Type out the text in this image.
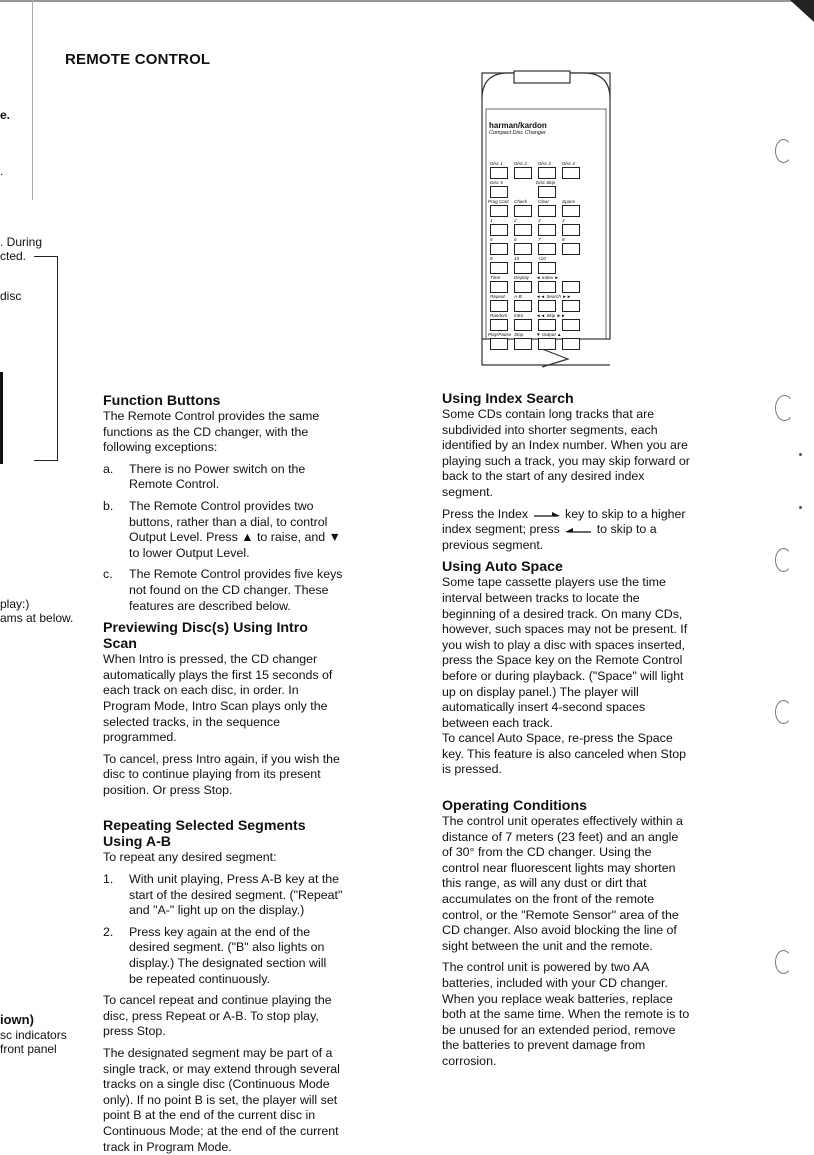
e.
.
. During
cted.
disc
play:)
ams at below.
iown)
sc indicators
front panel
REMOTE CONTROL
harman/kardon
Compact Disc Changer
Disc 1 Disc 2 Disc 3 Disc 4
Disc 5	Disc Skip
Prog Cont Check Clear	Space
1	2	3	4
5	6	7	8
9	10	+10
Time	Display ◄ Index ►
Repeat A-B	◄◄ Search ►►
Random Intro	◄◄ Skip ►►
Play/Pause Stop	▼ Output ▲
Function Buttons

The Remote Control provides the same functions as the CD changer, with the following exceptions:

a. There is no Power switch on the Remote Control.
b. The Remote Control provides two buttons, rather than a dial, to control Output Level. Press ▲ to raise, and ▼ to lower Output Level.
c. The Remote Control provides five keys not found on the CD changer. These features are described below.
Previewing Disc(s) Using Intro Scan

When Intro is pressed, the CD changer automatically plays the first 15 seconds of each track on each disc, in order. In Program Mode, Intro Scan plays only the selected tracks, in the sequence programmed.

To cancel, press Intro again, if you wish the disc to continue playing from its present position. Or press Stop.

Repeating Selected Segments Using A-B

To repeat any desired segment:

1. With unit playing, Press A-B key at the start of the desired segment. ("Repeat" and "A-" light up on the display.)
2. Press key again at the end of the desired segment. ("B" also lights on display.) The designated section will be repeated continuously.

To cancel repeat and continue playing the disc, press Repeat or A-B. To stop play, press Stop.

The designated segment may be part of a single track, or may extend through several tracks on a single disc (Continuous Mode only). If no point B is set, the player will set point B at the end of the current disc in Continuous Mode; at the end of the current track in Program Mode.

Using Index Search

Some CDs contain long tracks that are subdivided into shorter segments, each identified by an Index number. When you are playing such a track, you may skip forward or back to the start of any desired index segment.

Press the Index	key to skip to a higher index segment; press	to skip to a previous segment.

Using Auto Space

Some tape cassette players use the time interval between tracks to locate the beginning of a desired track. On many CDs, however, such spaces may not be present. If you wish to play a disc with spaces inserted, press the Space key on the Remote Control before or during playback. ("Space" will light up on display panel.) The player will automatically insert 4-second spaces between each track.

To cancel Auto Space, re-press the Space key. This feature is also canceled when Stop is pressed.

Operating Conditions

The control unit operates effectively within a distance of 7 meters (23 feet) and an angle of 30° from the CD changer. Using the control near fluorescent lights may shorten this range, as will any dust or dirt that accumulates on the front of the remote control, or the "Remote Sensor" area of the CD changer. Also avoid blocking the line of sight between the unit and the remote.

The control unit is powered by two AA batteries, included with your CD changer. When you replace weak batteries, replace both at the same time. When the remote is to be unused for an extended period, remove the batteries to prevent damage from corrosion.
